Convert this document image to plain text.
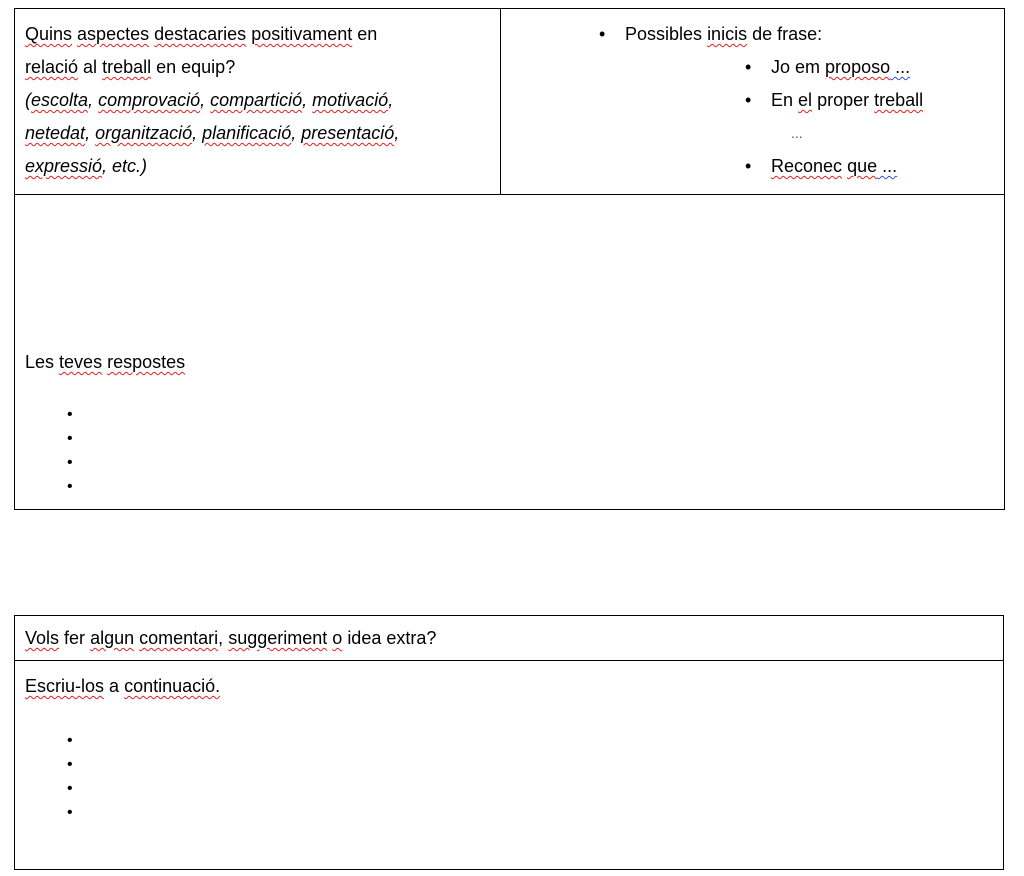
Quins aspectes destacaries positivament en
relació al treball en equip?
(escolta, comprovació, compartició, motivació,
netedat, organització, planificació, presentació,
expressió, etc.)

• Possibles inicis de frase:
• Jo em proposo ...
• En el proper treball
...
• Reconec que ...

Les teves respostes
•
•
•
•
Vols fer algun comentari, suggeriment o idea extra?

Escriu-los a continuació.
•
•
•
•
